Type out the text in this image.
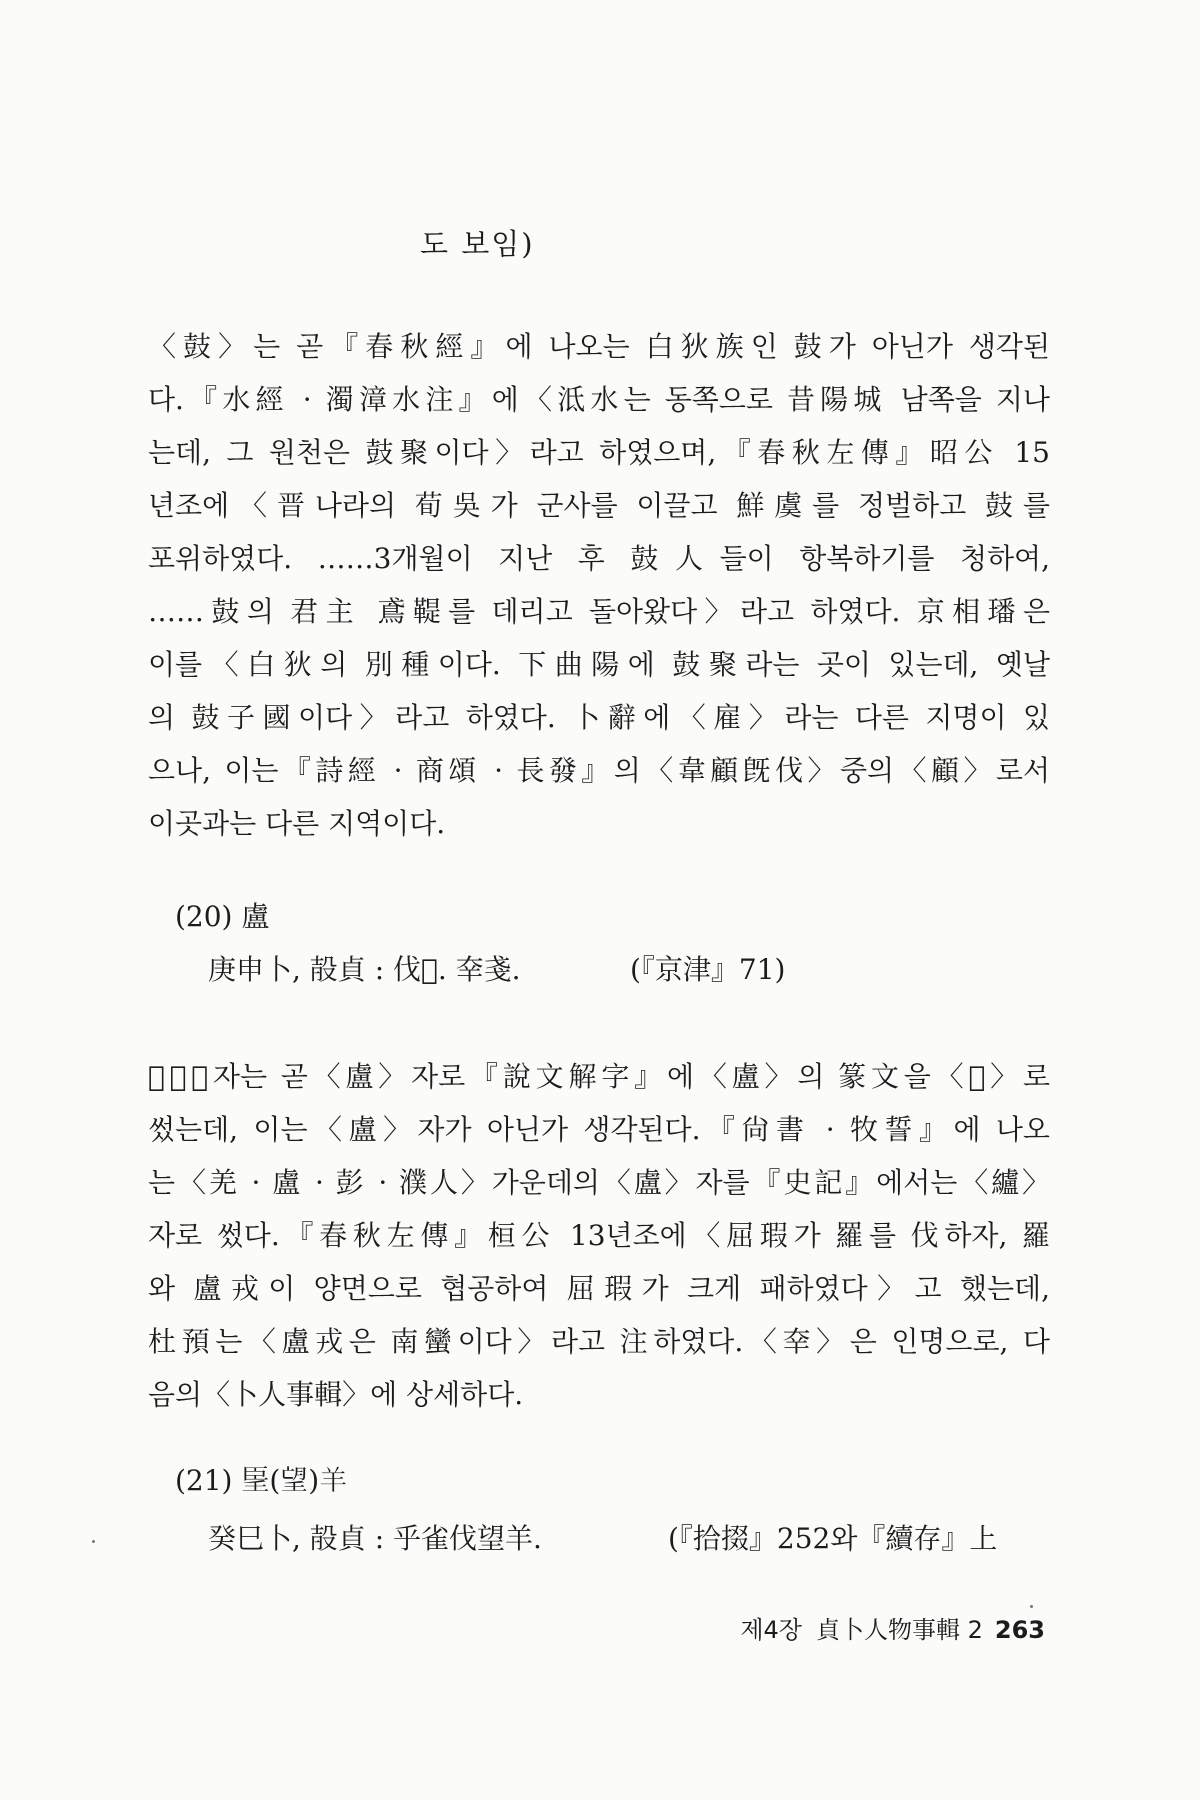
도 보임)
〈鼓〉는 곧『春秋經』에 나오는 白狄族인 鼓가 아닌가 생각된
다.『水經 · 濁漳水注』에〈泜水는 동쪽으로 昔陽城 남쪽을 지나
는데, 그 원천은 鼓聚이다〉라고 하였으며,『春秋左傳』昭公 15
년조에〈晋나라의 荀吳가 군사를 이끌고 鮮虞를 정벌하고 鼓를
포위하였다. ……3개월이 지난 후 鼓人들이 항복하기를 청하여,
……鼓의 君主 鳶鞮를 데리고 돌아왔다〉라고 하였다. 京相璠은
이를〈白狄의 別種이다. 下曲陽에 鼓聚라는 곳이 있는데, 옛날
의 鼓子國이다〉라고 하였다. 卜辭에〈雇〉라는 다른 지명이 있
으나, 이는『詩經 · 商頌 · 長發』의〈韋顧旣伐〉중의〈顧〉로서
이곳과는 다른 지역이다.
(20) 盧
庚申卜, 㱿貞 : 伐𧇡. 㚔戔.	(『京津』71)
〈𧇡〉자는 곧〈盧〉자로『說文解字』에〈盧〉의 篆文을〈𧇡〉로
썼는데, 이는〈盧〉자가 아닌가 생각된다.『尙書 · 牧誓』에 나오
는〈羌 · 盧 · 彭 · 濮人〉가운데의〈盧〉자를『史記』에서는〈纑〉
자로 썼다.『春秋左傳』桓公 13년조에〈屈瑕가 羅를 伐하자, 羅
와 盧戎이 양면으로 협공하여 屈瑕가 크게 패하였다〉고 했는데,
杜預는〈盧戎은 南蠻이다〉라고 注하였다.〈㚔〉은 인명으로, 다
음의〈卜人事輯〉에 상세하다.
(21) 𦣠(望)羊
癸巳卜, 㱿貞 : 乎雀伐望羊.	(『拾掇』252와『續存』上
제4장 貞卜人物事輯 2 263
